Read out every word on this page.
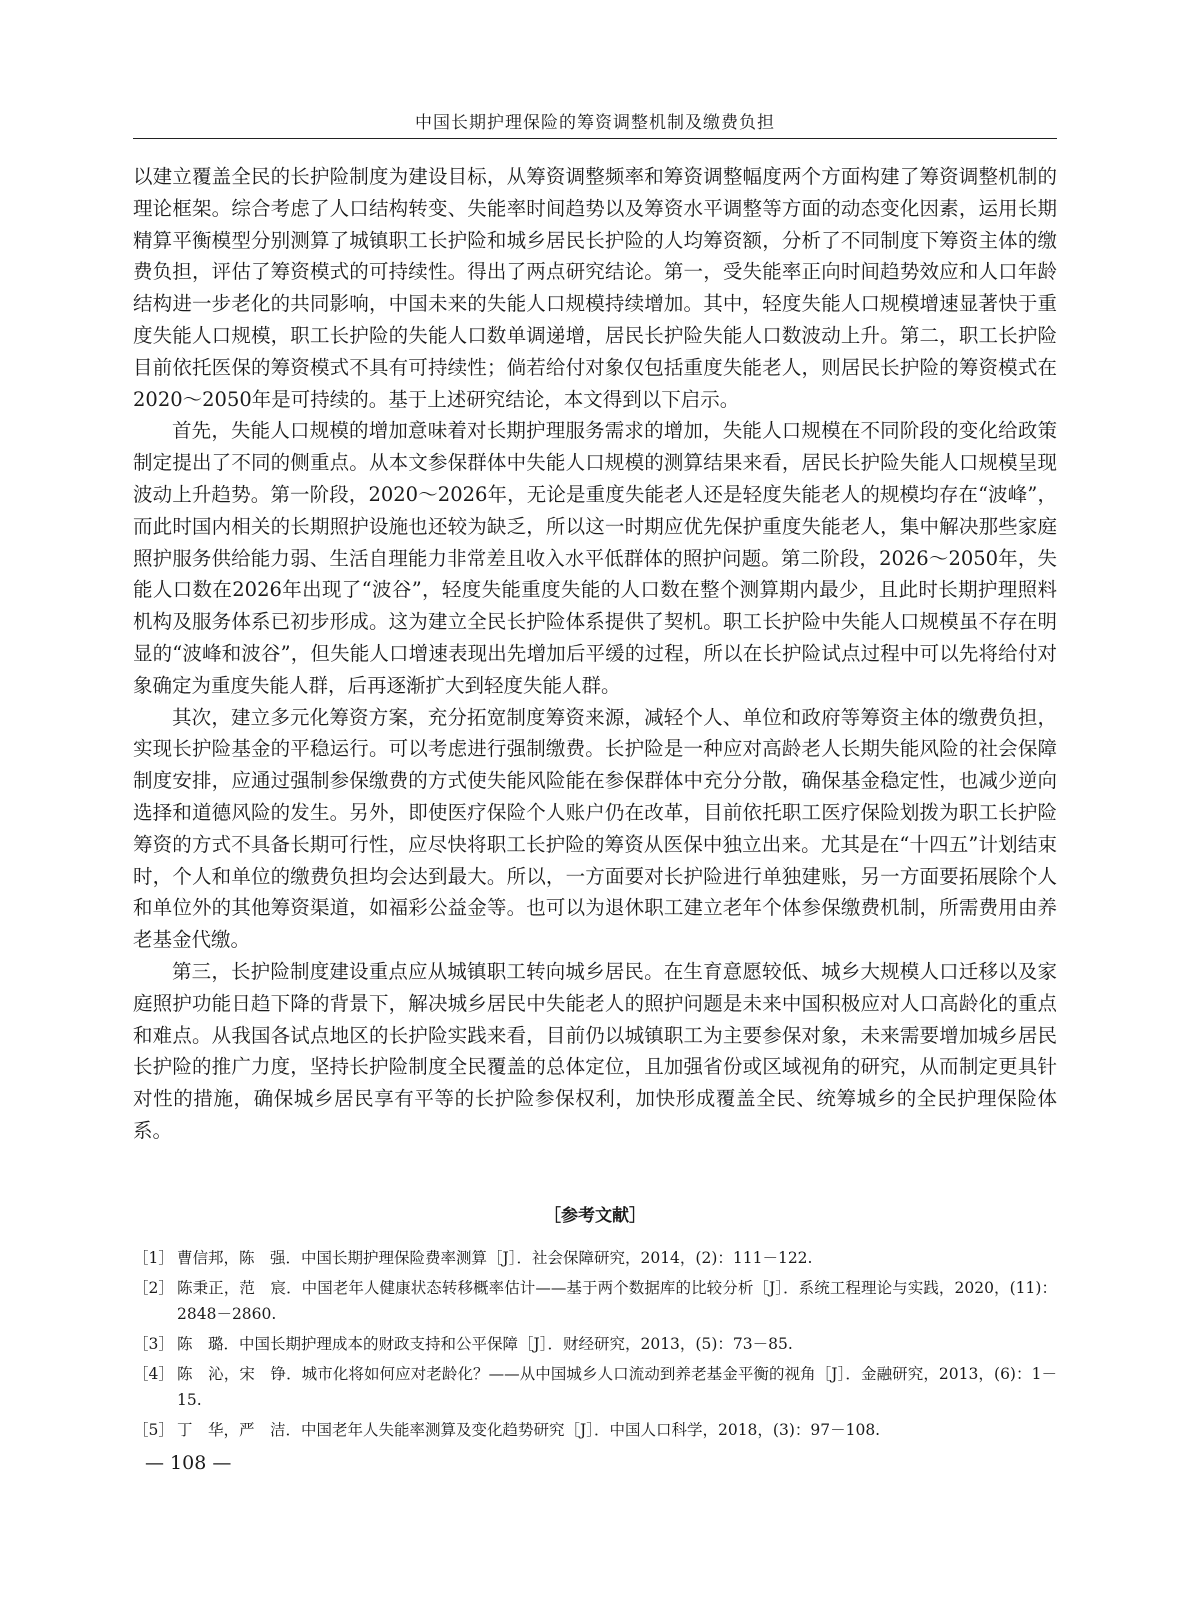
中国长期护理保险的筹资调整机制及缴费负担

以建立覆盖全民的长护险制度为建设目标，从筹资调整频率和筹资调整幅度两个方面构建了筹资调整机制的理论框架。综合考虑了人口结构转变、失能率时间趋势以及筹资水平调整等方面的动态变化因素，运用长期精算平衡模型分别测算了城镇职工长护险和城乡居民长护险的人均筹资额，分析了不同制度下筹资主体的缴费负担，评估了筹资模式的可持续性。得出了两点研究结论。第一，受失能率正向时间趋势效应和人口年龄结构进一步老化的共同影响，中国未来的失能人口规模持续增加。其中，轻度失能人口规模增速显著快于重度失能人口规模，职工长护险的失能人口数单调递增，居民长护险失能人口数波动上升。第二，职工长护险目前依托医保的筹资模式不具有可持续性；倘若给付对象仅包括重度失能老人，则居民长护险的筹资模式在2020～2050年是可持续的。基于上述研究结论，本文得到以下启示。

首先，失能人口规模的增加意味着对长期护理服务需求的增加，失能人口规模在不同阶段的变化给政策制定提出了不同的侧重点。从本文参保群体中失能人口规模的测算结果来看，居民长护险失能人口规模呈现波动上升趋势。第一阶段，2020～2026年，无论是重度失能老人还是轻度失能老人的规模均存在“波峰”，而此时国内相关的长期照护设施也还较为缺乏，所以这一时期应优先保护重度失能老人，集中解决那些家庭照护服务供给能力弱、生活自理能力非常差且收入水平低群体的照护问题。第二阶段，2026～2050年，失能人口数在2026年出现了“波谷”，轻度失能重度失能的人口数在整个测算期内最少，且此时长期护理照料机构及服务体系已初步形成。这为建立全民长护险体系提供了契机。职工长护险中失能人口规模虽不存在明显的“波峰和波谷”，但失能人口增速表现出先增加后平缓的过程，所以在长护险试点过程中可以先将给付对象确定为重度失能人群，后再逐渐扩大到轻度失能人群。

其次，建立多元化筹资方案，充分拓宽制度筹资来源，减轻个人、单位和政府等筹资主体的缴费负担，实现长护险基金的平稳运行。可以考虑进行强制缴费。长护险是一种应对高龄老人长期失能风险的社会保障制度安排，应通过强制参保缴费的方式使失能风险能在参保群体中充分分散，确保基金稳定性，也减少逆向选择和道德风险的发生。另外，即使医疗保险个人账户仍在改革，目前依托职工医疗保险划拨为职工长护险筹资的方式不具备长期可行性，应尽快将职工长护险的筹资从医保中独立出来。尤其是在“十四五”计划结束时，个人和单位的缴费负担均会达到最大。所以，一方面要对长护险进行单独建账，另一方面要拓展除个人和单位外的其他筹资渠道，如福彩公益金等。也可以为退休职工建立老年个体参保缴费机制，所需费用由养老基金代缴。

第三，长护险制度建设重点应从城镇职工转向城乡居民。在生育意愿较低、城乡大规模人口迁移以及家庭照护功能日趋下降的背景下，解决城乡居民中失能老人的照护问题是未来中国积极应对人口高龄化的重点和难点。从我国各试点地区的长护险实践来看，目前仍以城镇职工为主要参保对象，未来需要增加城乡居民长护险的推广力度，坚持长护险制度全民覆盖的总体定位，且加强省份或区域视角的研究，从而制定更具针对性的措施，确保城乡居民享有平等的长护险参保权利，加快形成覆盖全民、统筹城乡的全民护理保险体系。

［参考文献］
［1］ 曹信邦，陈　强．中国长期护理保险费率测算［J］．社会保障研究，2014，(2)：111－122.
［2］ 陈秉正，范　宸．中国老年人健康状态转移概率估计——基于两个数据库的比较分析［J］．系统工程理论与实践，2020，(11)：2848－2860.
［3］ 陈　璐．中国长期护理成本的财政支持和公平保障［J］．财经研究，2013，(5)：73－85.
［4］ 陈　沁，宋　铮．城市化将如何应对老龄化？——从中国城乡人口流动到养老基金平衡的视角［J］．金融研究，2013，(6)：1－15.
［5］ 丁　华，严　洁．中国老年人失能率测算及变化趋势研究［J］．中国人口科学，2018，(3)：97－108.
— 108 —
